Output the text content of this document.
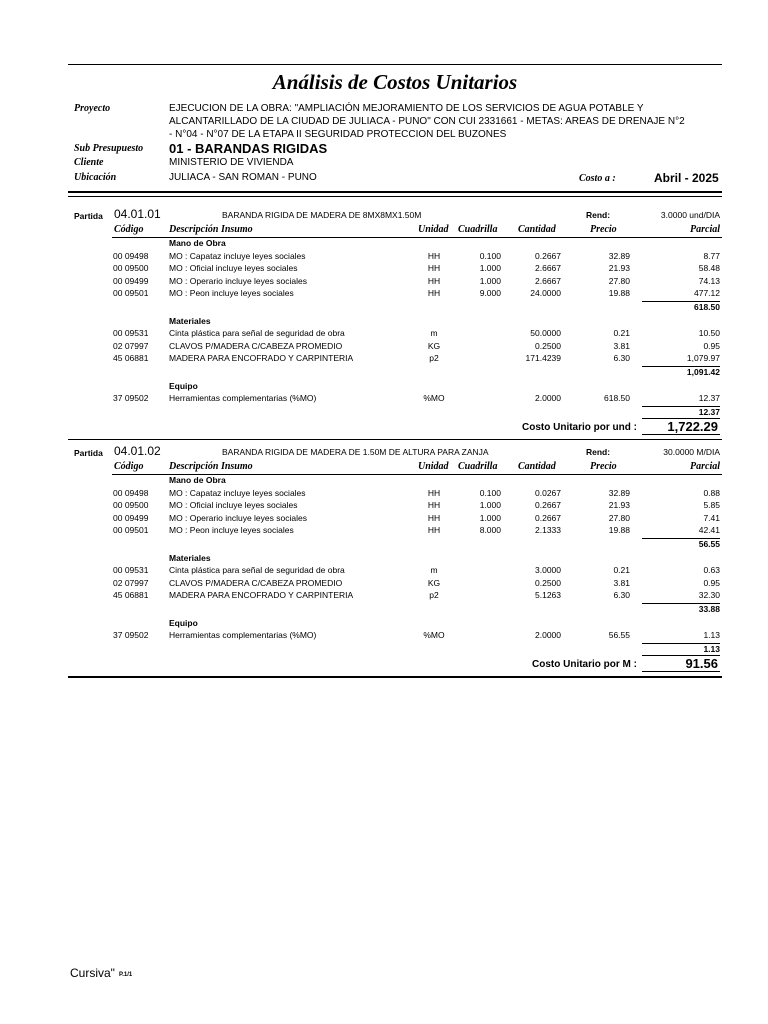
Análisis de Costos Unitarios
Proyecto	EJECUCION DE LA OBRA: "AMPLIACIÓN MEJORAMIENTO DE LOS SERVICIOS DE AGUA POTABLE Y
ALCANTARILLADO DE LA CIUDAD DE JULIACA - PUNO" CON CUI 2331661 - METAS: AREAS DE DRENAJE N°2
- N°04 - N°07 DE LA ETAPA II SEGURIDAD PROTECCION DEL BUZONES
Sub Presupuesto 01 - BARANDAS RIGIDAS
Cliente	MINISTERIO DE VIVIENDA
Ubicación	JULIACA - SAN ROMAN - PUNO	Costo a :	Abril - 2025
Partida 04.01.01	BARANDA RIGIDA DE MADERA DE 8MX8MX1.50M	Rend:	3.0000 und/DIA
Código	Descripción Insumo	Unidad Cuadrilla Cantidad	Precio	Parcial
Mano de Obra
00 09498 MO : Capataz incluye leyes sociales	HH	0.100	0.2667	32.89	8.77
00 09500 MO : Oficial incluye leyes sociales	HH	1.000	2.6667	21.93	58.48
00 09499 MO : Operario incluye leyes sociales	HH	1.000	2.6667	27.80	74.13
00 09501 MO : Peon incluye leyes sociales	HH	9.000	24.0000	19.88	477.12
618.50
Materiales
00 09531 Cinta plástica para señal de seguridad de obra	m	50.0000	0.21	10.50
02 07997 CLAVOS P/MADERA C/CABEZA PROMEDIO	KG	0.2500	3.81	0.95
45 06881 MADERA PARA ENCOFRADO Y CARPINTERIA	p2	171.4239	6.30	1,079.97
1,091.42
Equipo
37 09502 Herramientas complementarias (%MO)	%MO	2.0000	618.50	12.37
12.37
Costo Unitario por und :	1,722.29
Partida 04.01.02	BARANDA RIGIDA DE MADERA DE 1.50M DE ALTURA PARA ZANJA	Rend:	30.0000 M/DIA
Código	Descripción Insumo	Unidad Cuadrilla Cantidad	Precio	Parcial
Mano de Obra
00 09498 MO : Capataz incluye leyes sociales	HH	0.100	0.0267	32.89	0.88
00 09500 MO : Oficial incluye leyes sociales	HH	1.000	0.2667	21.93	5.85
00 09499 MO : Operario incluye leyes sociales	HH	1.000	0.2667	27.80	7.41
00 09501 MO : Peon incluye leyes sociales	HH	8.000	2.1333	19.88	42.41
56.55
Materiales
00 09531 Cinta plástica para señal de seguridad de obra	m	3.0000	0.21	0.63
02 07997 CLAVOS P/MADERA C/CABEZA PROMEDIO	KG	0.2500	3.81	0.95
45 06881 MADERA PARA ENCOFRADO Y CARPINTERIA	p2	5.1263	6.30	32.30
33.88
Equipo
37 09502 Herramientas complementarias (%MO)	%MO	2.0000	56.55	1.13
1.13
Costo Unitario por M :	91.56
Cursiva" P.1/1
